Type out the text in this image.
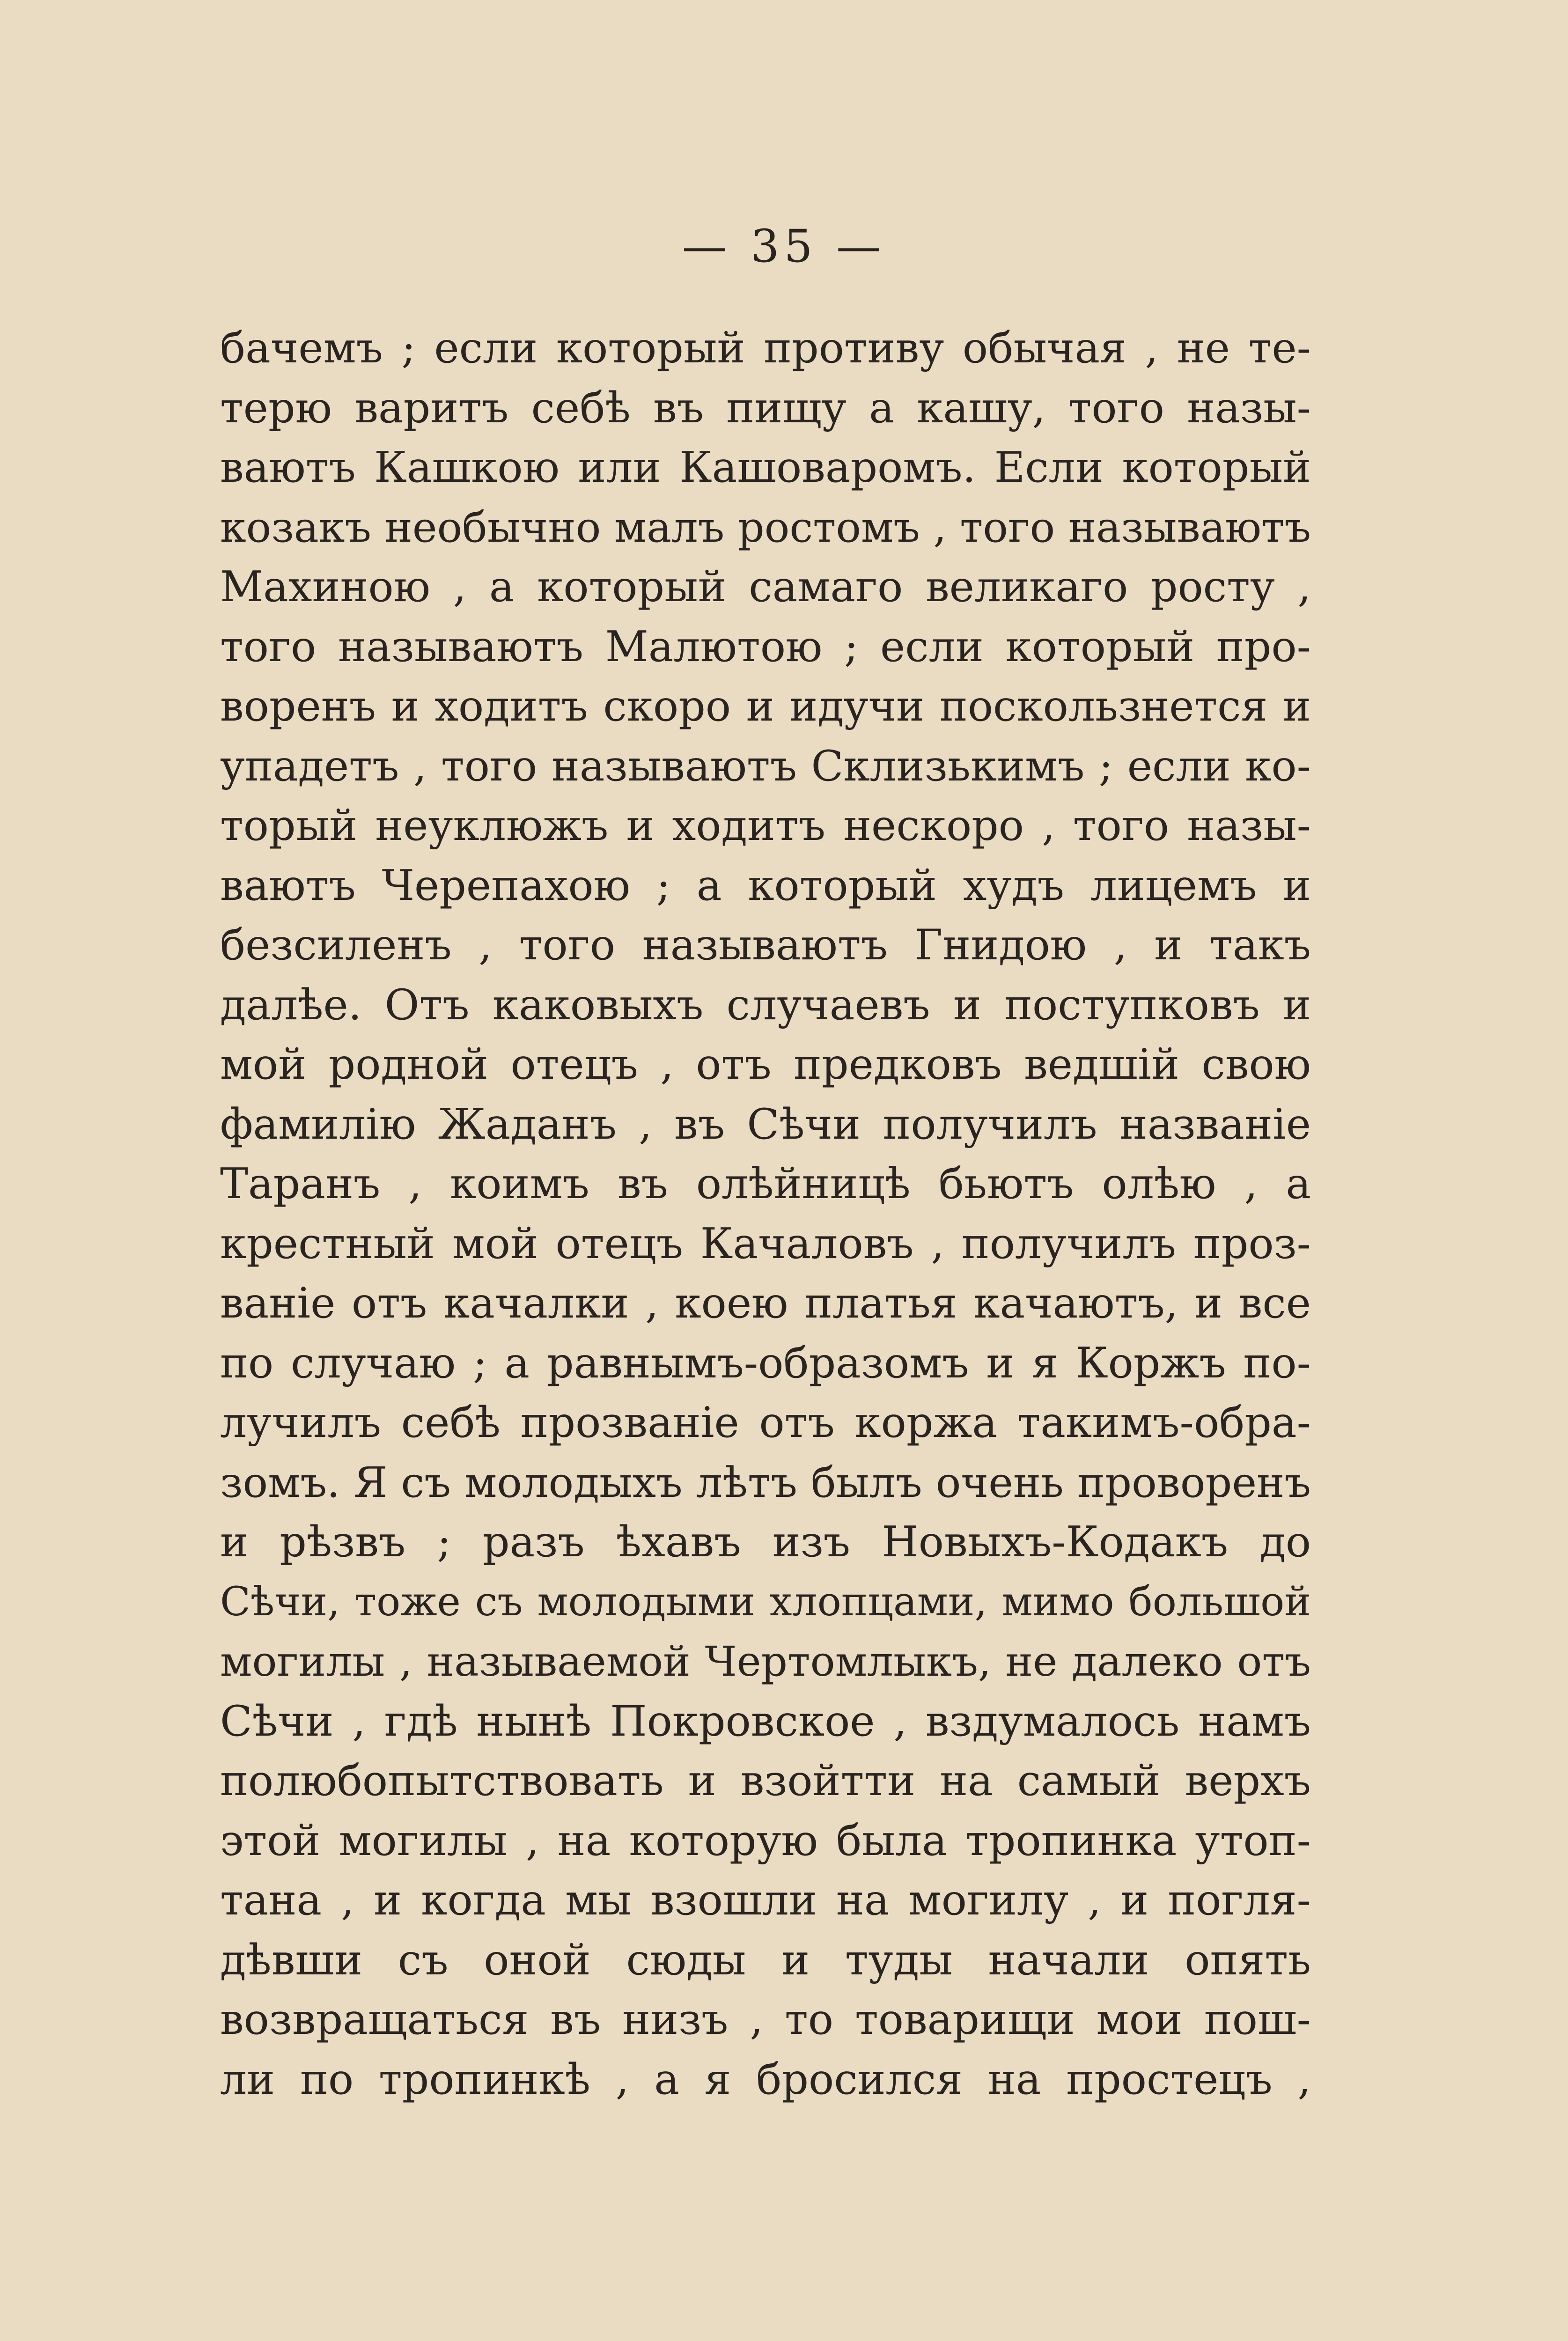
— 35 —
бачемъ ; если который противу обычая , не те-
терю варитъ себѣ въ пищу а кашу, того назы-
ваютъ Кашкою или Кашоваромъ. Если который
козакъ необычно малъ ростомъ , того называютъ
Махиною , а который самаго великаго росту ,
того называютъ Малютою ; если который про-
воренъ и ходитъ скоро и идучи поскользнется и
упадетъ , того называютъ Склизькимъ ; если ко-
торый неуклюжъ и ходитъ нескоро , того назы-
ваютъ Черепахою ; а который худъ лицемъ и
безсиленъ , того называютъ Гнидою , и такъ
далѣе. Отъ каковыхъ случаевъ и поступковъ и
мой родной отецъ , отъ предковъ ведшій свою
фамилію Жаданъ , въ Сѣчи получилъ названіе
Таранъ , коимъ въ олѣйницѣ бьютъ олѣю , а
крестный мой отецъ Качаловъ , получилъ проз-
ваніе отъ качалки , коею платья качаютъ, и все
по случаю ; а равнымъ-образомъ и я Коржъ по-
лучилъ себѣ прозваніе отъ коржа такимъ-обра-
зомъ. Я съ молодыхъ лѣтъ былъ очень проворенъ
и рѣзвъ ; разъ ѣхавъ изъ Новыхъ-Кодакъ до
Сѣчи, тоже съ молодыми хлопцами, мимо большой
могилы , называемой Чертомлыкъ, не далеко отъ
Сѣчи , гдѣ нынѣ Покровское , вздумалось намъ
полюбопытствовать и взойтти на самый верхъ
этой могилы , на которую была тропинка утоп-
тана , и когда мы взошли на могилу , и погля-
дѣвши съ оной сюды и туды начали опять
возвращаться въ низъ , то товарищи мои пош-
ли по тропинкѣ , а я бросился на простецъ ,
